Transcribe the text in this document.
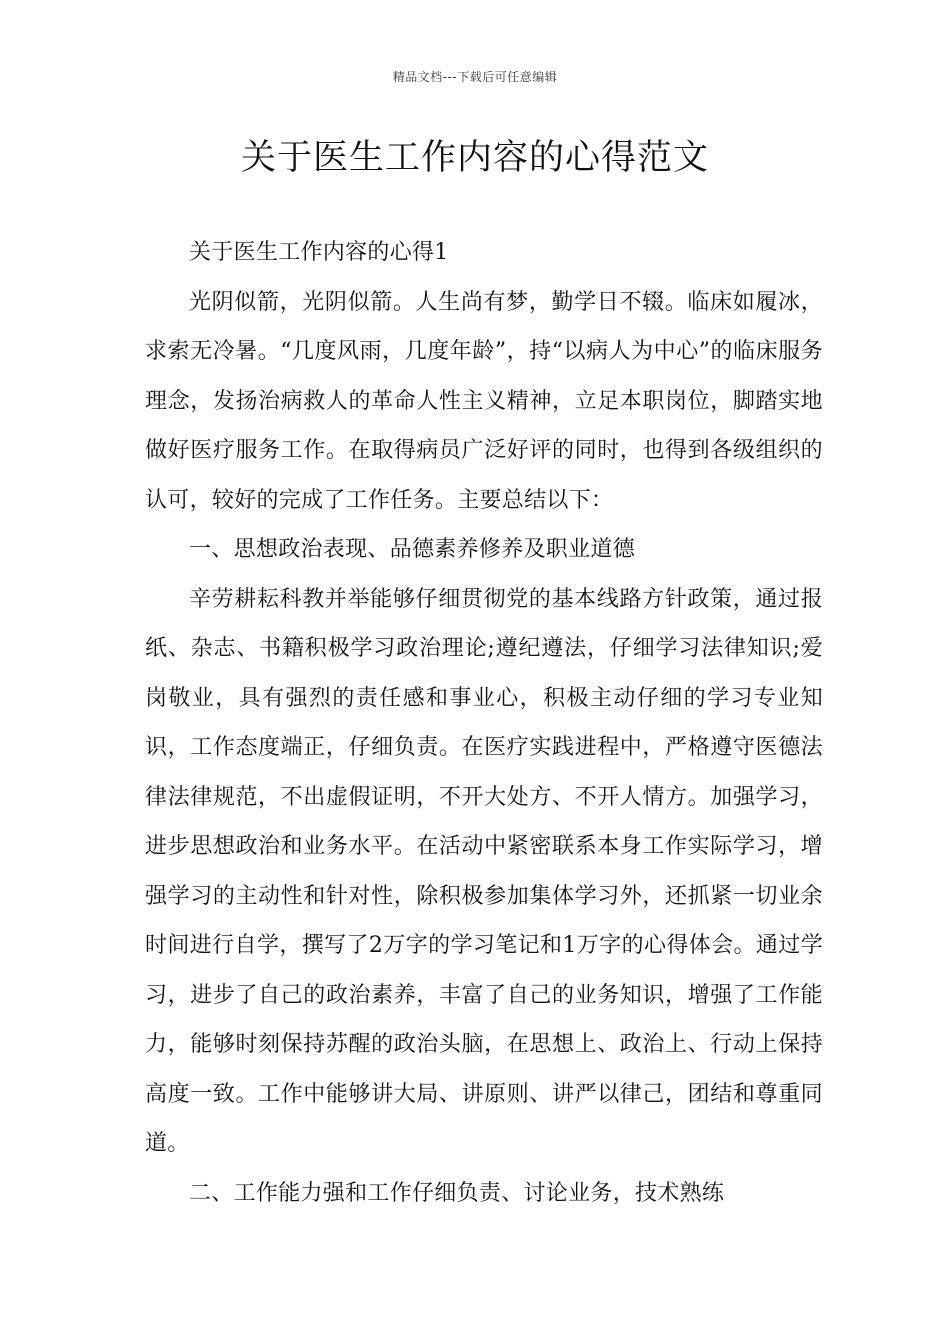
精品文档---下载后可任意编辑
关于医生工作内容的心得范文

关于医生工作内容的心得1

光阴似箭，光阴似箭。人生尚有梦，勤学日不辍。临床如履冰，求索无冷暑。“几度风雨，几度年龄”，持“以病人为中心”的临床服务理念，发扬治病救人的革命人性主义精神，立足本职岗位，脚踏实地做好医疗服务工作。在取得病员广泛好评的同时，也得到各级组织的认可，较好的完成了工作任务。主要总结以下：

一、思想政治表现、品德素养修养及职业道德

辛劳耕耘科教并举能够仔细贯彻党的基本线路方针政策，通过报纸、杂志、书籍积极学习政治理论;遵纪遵法，仔细学习法律知识;爱岗敬业，具有强烈的责任感和事业心，积极主动仔细的学习专业知识，工作态度端正，仔细负责。在医疗实践进程中，严格遵守医德法律法律规范，不出虚假证明，不开大处方、不开人情方。加强学习，进步思想政治和业务水平。在活动中紧密联系本身工作实际学习，增强学习的主动性和针对性，除积极参加集体学习外，还抓紧一切业余时间进行自学，撰写了2万字的学习笔记和1万字的心得体会。通过学习，进步了自己的政治素养，丰富了自己的业务知识，增强了工作能力，能够时刻保持苏醒的政治头脑，在思想上、政治上、行动上保持高度一致。工作中能够讲大局、讲原则、讲严以律己，团结和尊重同道。

二、工作能力强和工作仔细负责、讨论业务，技术熟练
